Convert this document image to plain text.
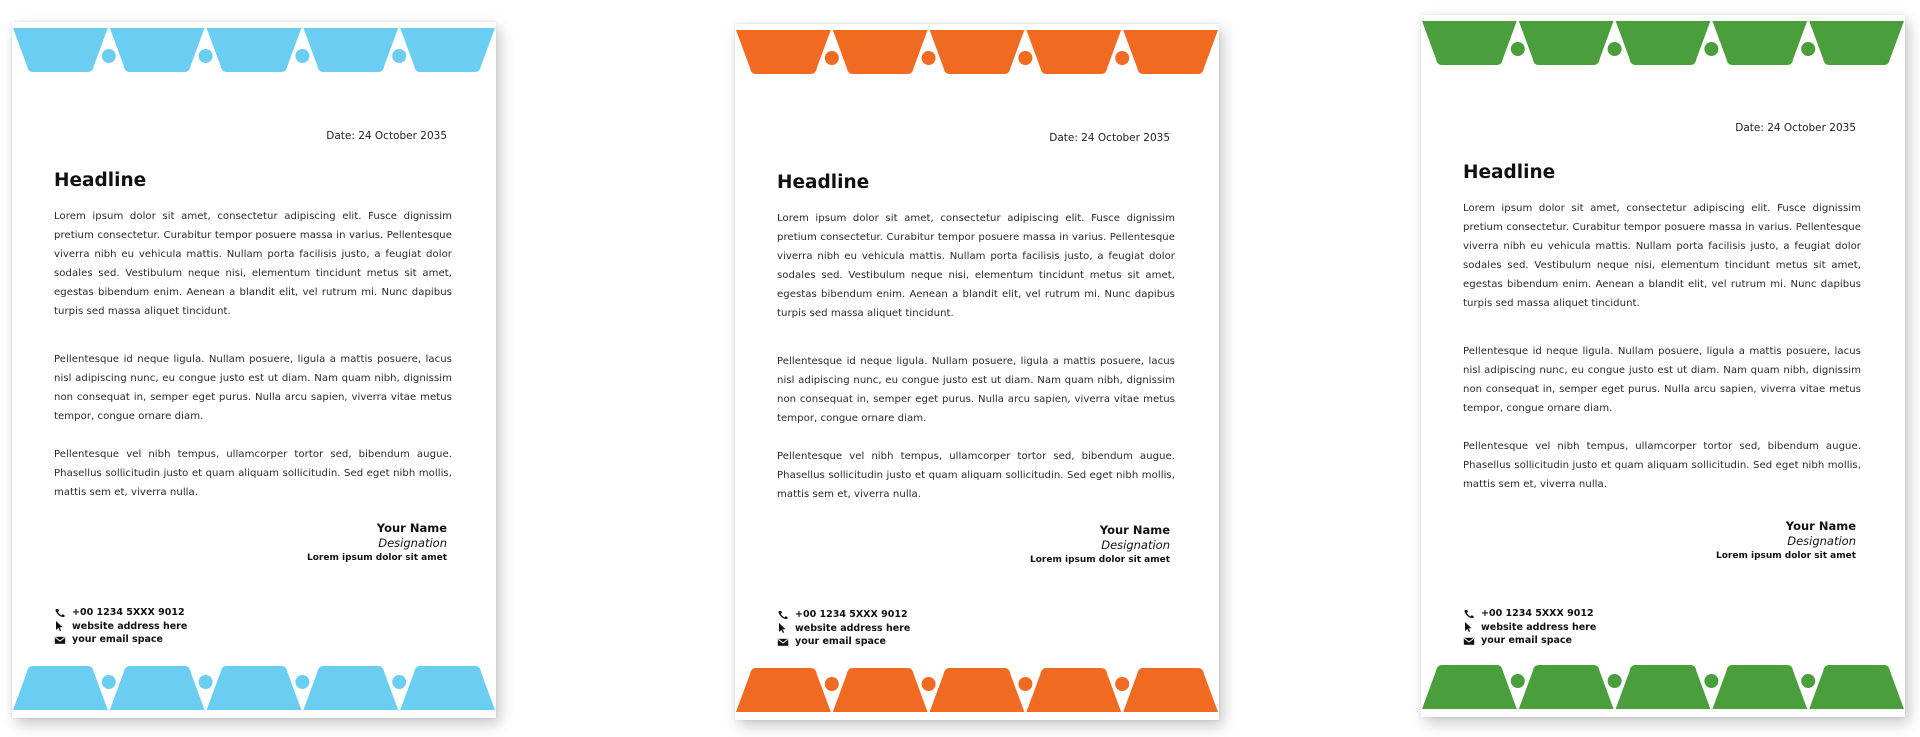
Date: 24 October 2035
Headline

Lorem ipsum dolor sit amet, consectetur adipiscing elit. Fusce dignissim pretium consectetur. Curabitur tempor posuere massa in varius. Pellentesque viverra nibh eu vehicula mattis. Nullam porta facilisis justo, a feugiat dolor sodales sed. Vestibulum neque nisi, elementum tincidunt metus sit amet, egestas bibendum enim. Aenean a blandit elit, vel rutrum mi. Nunc dapibus turpis sed massa aliquet tincidunt.

Pellentesque id neque ligula. Nullam posuere, ligula a mattis posuere, lacus nisl adipiscing nunc, eu congue justo est ut diam. Nam quam nibh, dignissim non consequat in, semper eget purus. Nulla arcu sapien, viverra vitae metus tempor, congue ornare diam.

Pellentesque vel nibh tempus, ullamcorper tortor sed, bibendum augue. Phasellus sollicitudin justo et quam aliquam sollicitudin. Sed eget nibh mollis, mattis sem et, viverra nulla.

Your Name
Designation
Lorem ipsum dolor sit amet
+00 1234 5XXX 9012
website address here
your email space
Date: 24 October 2035
Headline

Lorem ipsum dolor sit amet, consectetur adipiscing elit. Fusce dignissim pretium consectetur. Curabitur tempor posuere massa in varius. Pellentesque viverra nibh eu vehicula mattis. Nullam porta facilisis justo, a feugiat dolor sodales sed. Vestibulum neque nisi, elementum tincidunt metus sit amet, egestas bibendum enim. Aenean a blandit elit, vel rutrum mi. Nunc dapibus turpis sed massa aliquet tincidunt.

Pellentesque id neque ligula. Nullam posuere, ligula a mattis posuere, lacus nisl adipiscing nunc, eu congue justo est ut diam. Nam quam nibh, dignissim non consequat in, semper eget purus. Nulla arcu sapien, viverra vitae metus tempor, congue ornare diam.

Pellentesque vel nibh tempus, ullamcorper tortor sed, bibendum augue. Phasellus sollicitudin justo et quam aliquam sollicitudin. Sed eget nibh mollis, mattis sem et, viverra nulla.

Your Name
Designation
Lorem ipsum dolor sit amet
+00 1234 5XXX 9012
website address here
your email space
Date: 24 October 2035
Headline

Lorem ipsum dolor sit amet, consectetur adipiscing elit. Fusce dignissim pretium consectetur. Curabitur tempor posuere massa in varius. Pellentesque viverra nibh eu vehicula mattis. Nullam porta facilisis justo, a feugiat dolor sodales sed. Vestibulum neque nisi, elementum tincidunt metus sit amet, egestas bibendum enim. Aenean a blandit elit, vel rutrum mi. Nunc dapibus turpis sed massa aliquet tincidunt.

Pellentesque id neque ligula. Nullam posuere, ligula a mattis posuere, lacus nisl adipiscing nunc, eu congue justo est ut diam. Nam quam nibh, dignissim non consequat in, semper eget purus. Nulla arcu sapien, viverra vitae metus tempor, congue ornare diam.

Pellentesque vel nibh tempus, ullamcorper tortor sed, bibendum augue. Phasellus sollicitudin justo et quam aliquam sollicitudin. Sed eget nibh mollis, mattis sem et, viverra nulla.

Your Name
Designation
Lorem ipsum dolor sit amet
+00 1234 5XXX 9012
website address here
your email space
